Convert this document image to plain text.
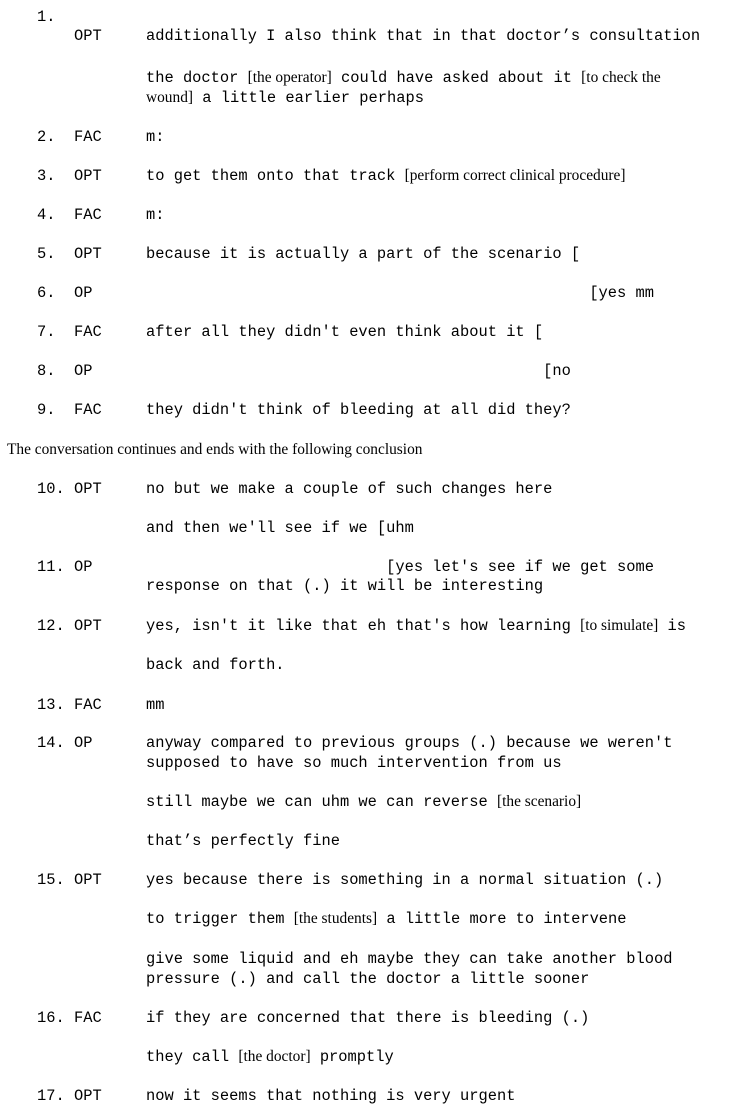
1.
OPT	additionally I also think that in that doctor’s consultation
the doctor [the operator] could have asked about it [to check the
wound] a little earlier perhaps
2. FAC	m:
3. OPT	to get them onto that track [perform correct clinical procedure]
4. FAC	m:
5. OPT	because it is actually a part of the scenario [
6. OP	[yes mm
7. FAC	after all they didn't even think about it [
8. OP	[no
9. FAC	they didn't think of bleeding at all did they?
The conversation continues and ends with the following conclusion
10. OPT	no but we make a couple of such changes here
and then we'll see if we [uhm
11. OP	[yes let's see if we get some
response on that (.) it will be interesting
12. OPT	yes, isn't it like that eh that's how learning [to simulate] is
back and forth.
13. FAC	mm
14. OP	anyway compared to previous groups (.) because we weren't
supposed to have so much intervention from us
still maybe we can uhm we can reverse [the scenario]
that’s perfectly fine
15. OPT	yes because there is something in a normal situation (.)
to trigger them [the students] a little more to intervene
give some liquid and eh maybe they can take another blood
pressure (.) and call the doctor a little sooner
16. FAC	if they are concerned that there is bleeding (.)
they call [the doctor] promptly
17. OPT	now it seems that nothing is very urgent
